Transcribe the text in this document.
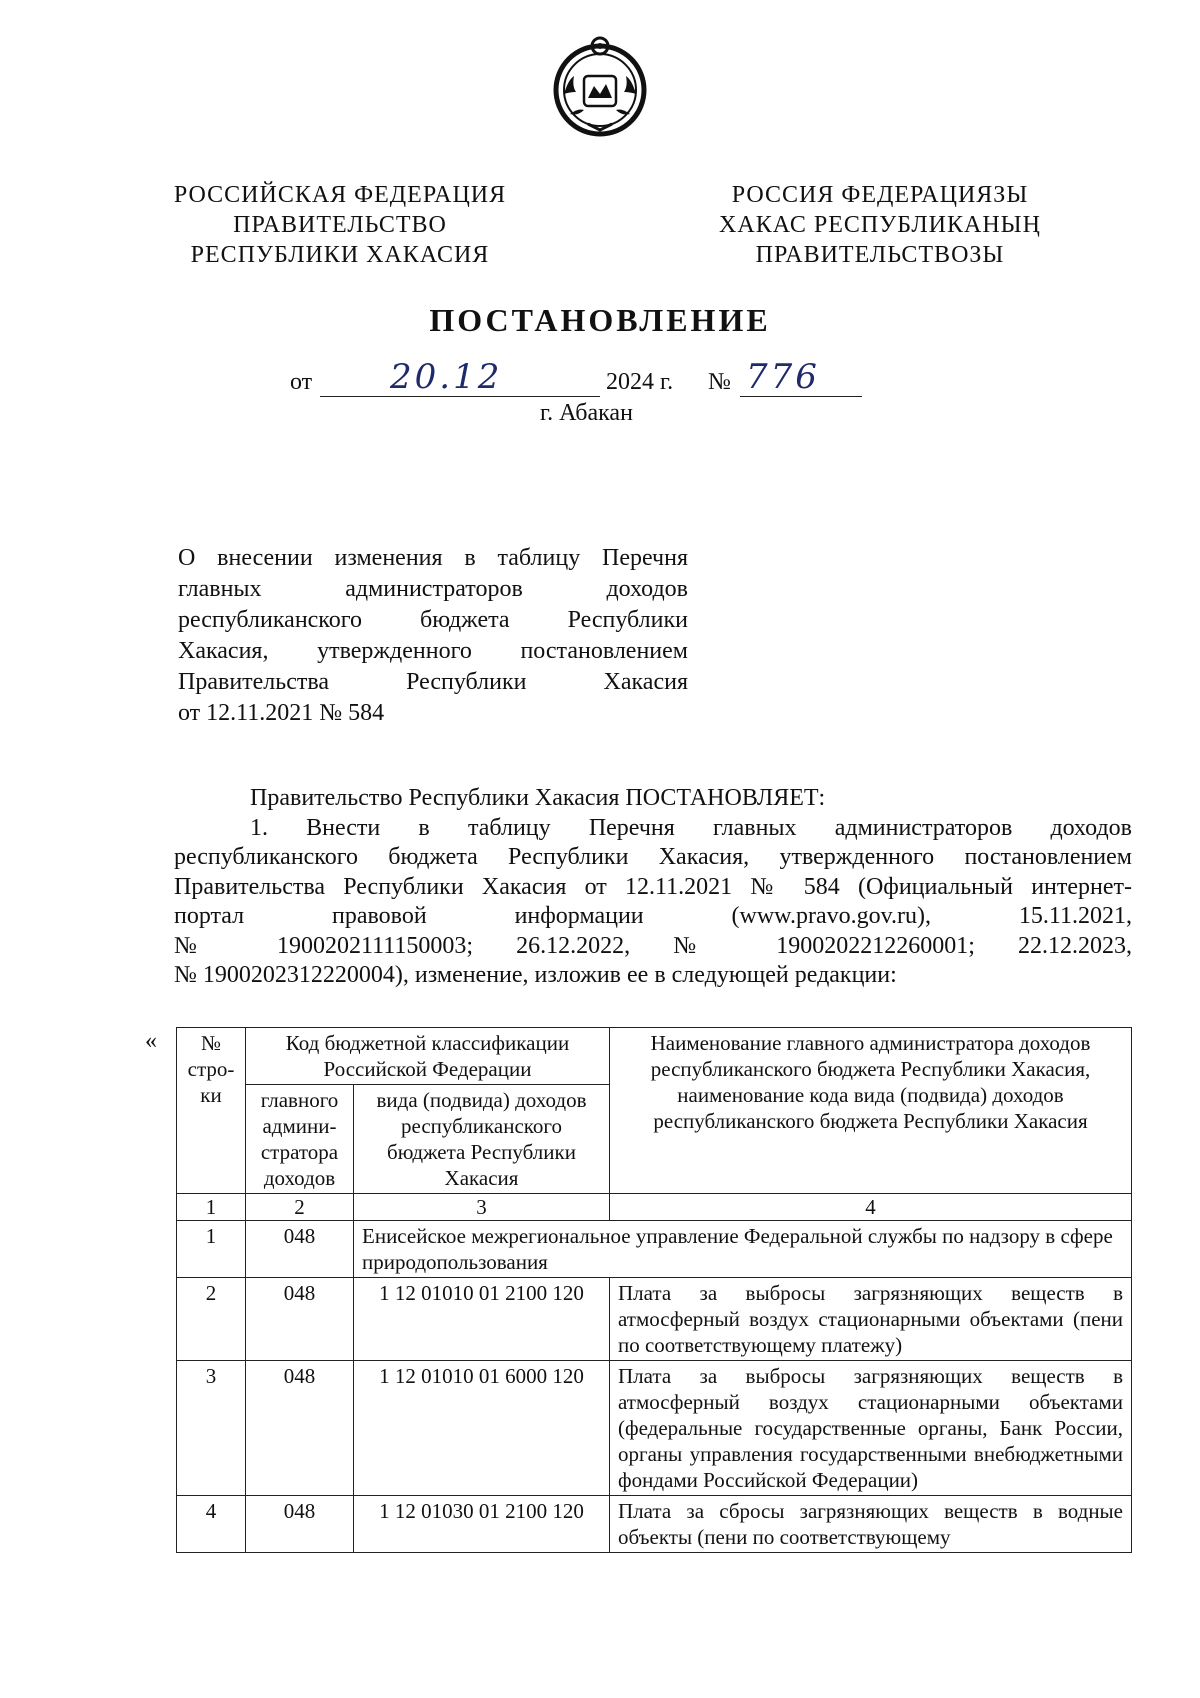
РОССИЙСКАЯ ФЕДЕРАЦИЯ
ПРАВИТЕЛЬСТВО
РЕСПУБЛИКИ ХАКАСИЯ
РОССИЯ ФЕДЕРАЦИЯЗЫ
ХАКАС РЕСПУБЛИКАНЫҢ
ПРАВИТЕЛЬСТВОЗЫ
ПОСТАНОВЛЕНИЕ
от 20.12	2024 г. № 776
г. Абакан
О внесении изменения в таблицу Перечня
главных администраторов доходов
республиканского бюджета Республики
Хакасия, утвержденного постановлением
Правительства Республики Хакасия
от 12.11.2021 № 584

Правительство Республики Хакасия ПОСТАНОВЛЯЕТ:

1. Внести в таблицу Перечня главных администраторов доходов
республиканского бюджета Республики Хакасия, утвержденного постановлением
Правительства Республики Хакасия от 12.11.2021 № 584 (Официальный интернет-
портал правовой информации (www.pravo.gov.ru), 15.11.2021,
№ 1900202111150003; 26.12.2022, № 1900202212260001; 22.12.2023,
№ 1900202312220004), изменение, изложив ее в следующей редакции:
« № стро-ки	Код бюджетной классификации Российской Федерации		Наименование главного администратора доходов республиканского бюджета Республики Хакасия, наименование кода вида (подвида) доходов республиканского бюджета Республики Хакасия
	главного админи-стратора доходов	вида (подвида) доходов республиканского бюджета Республики Хакасия	
1	2	3	4
1	048	Енисейское межрегиональное управление Федеральной службы по надзору в сфере природопользования	
2	048	1 12 01010 01 2100 120	Плата за выбросы загрязняющих веществ в атмосферный воздух стационарными объектами (пени по соответствующему платежу)
3	048	1 12 01010 01 6000 120	Плата за выбросы загрязняющих веществ в атмосферный воздух стационарными объектами (федеральные государственные органы, Банк России, органы управления государственными внебюджетными фондами Российской Федерации)
4	048	1 12 01030 01 2100 120	Плата за сбросы загрязняющих веществ в водные объекты (пени по соответствующему
